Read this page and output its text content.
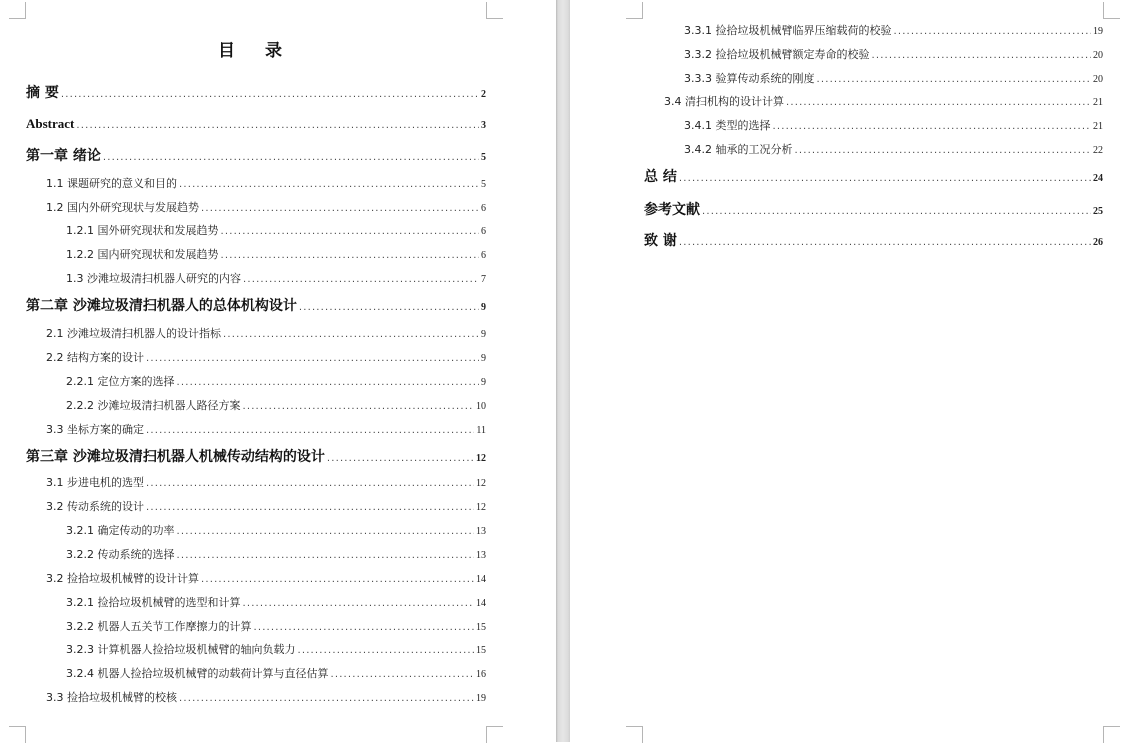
目 录
摘 要 . . .	2
Abstract . . .	3
第一章 绪论 . . .	5
1.1 课题研究的意义和目的 . . .	5
1.2 国内外研究现状与发展趋势 . . .	6
1.2.1 国外研究现状和发展趋势 . . .	6
1.2.2 国内研究现状和发展趋势 . . .	6
1.3 沙滩垃圾清扫机器人研究的内容 . . .	7
第二章 沙滩垃圾清扫机器人的总体机构设计 . . .	9
2.1 沙滩垃圾清扫机器人的设计指标 . . .	9
2.2 结构方案的设计 . . .	9
2.2.1 定位方案的选择 . . .	9
2.2.2 沙滩垃圾清扫机器人路径方案 . . .	10
3.3 坐标方案的确定 . . .	11
第三章 沙滩垃圾清扫机器人机械传动结构的设计 . . .	12
3.1 步进电机的选型 . . .	12
3.2 传动系统的设计 . . .	12
3.2.1 确定传动的功率 . . .	13
3.2.2 传动系统的选择 . . .	13
3.2 捡拾垃圾机械臂的设计计算 . . .	14
3.2.1 捡拾垃圾机械臂的选型和计算 . . .	14
3.2.2 机器人五关节工作摩擦力的计算 . . .	15
3.2.3 计算机器人捡拾垃圾机械臂的轴向负载力 . . .	15
3.2.4 机器人捡拾垃圾机械臂的动载荷计算与直径估算 . . .	16
3.3 捡拾垃圾机械臂的校核 . . .	19
3.3.1 捡拾垃圾机械臂临界压缩载荷的校验 . . .	19
3.3.2 捡拾垃圾机械臂额定寿命的校验 . . .	20
3.3.3 验算传动系统的刚度 . . .	20
3.4 清扫机构的设计计算 . . .	21
3.4.1 类型的选择 . . .	21
3.4.2 轴承的工况分析 . . .	22
总 结 . . .	24
参考文献 . . .	25
致 谢 . . .	26
